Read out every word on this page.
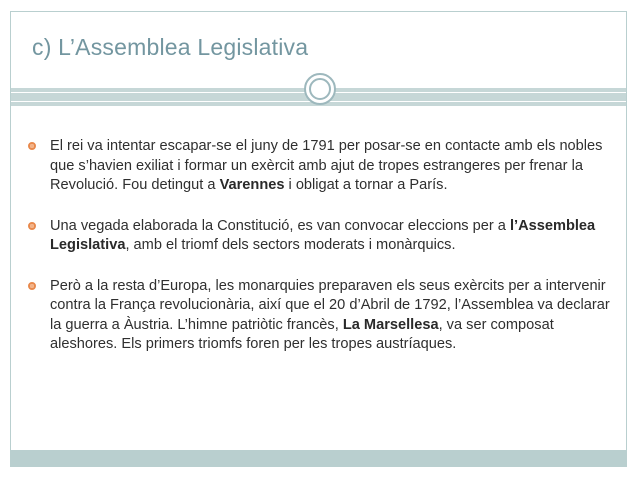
c) L’Assemblea Legislativa

El rei va intentar escapar-se el juny de 1791 per posar-se en contacte amb els nobles que s’havien exiliat i formar un exèrcit amb ajut de tropes estrangeres per frenar la Revolució. Fou detingut a Varennes i obligat a tornar a París.

Una vegada elaborada la Constitució, es van convocar eleccions per a l’Assemblea Legislativa, amb el triomf dels sectors moderats i monàrquics.

Però a la resta d’Europa, les monarquies preparaven els seus exèrcits per a intervenir contra la França revolucionària, així que el 20 d’Abril de 1792, l’Assemblea va declarar la guerra a Àustria. L’himne patriòtic francès, La Marsellesa, va ser composat aleshores. Els primers triomfs foren per les tropes austríaques.
